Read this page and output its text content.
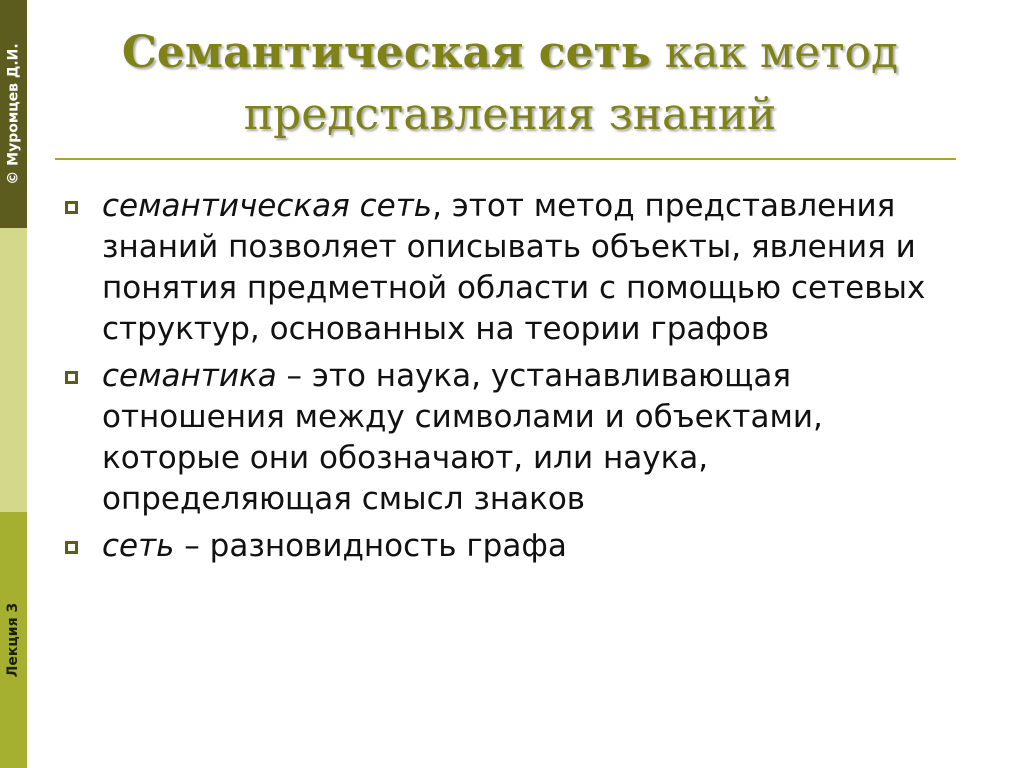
© Муромцев Д.И.
Лекция 3
Семантическая сеть как метод представления знаний
семантическая сеть, этот метод представления знаний позволяет описывать объекты, явления и понятия предметной области с помощью сетевых структур, основанных на теории графов
семантика – это наука, устанавливающая отношения между символами и объектами, которые они обозначают, или наука, определяющая смысл знаков
сеть – разновидность графа
